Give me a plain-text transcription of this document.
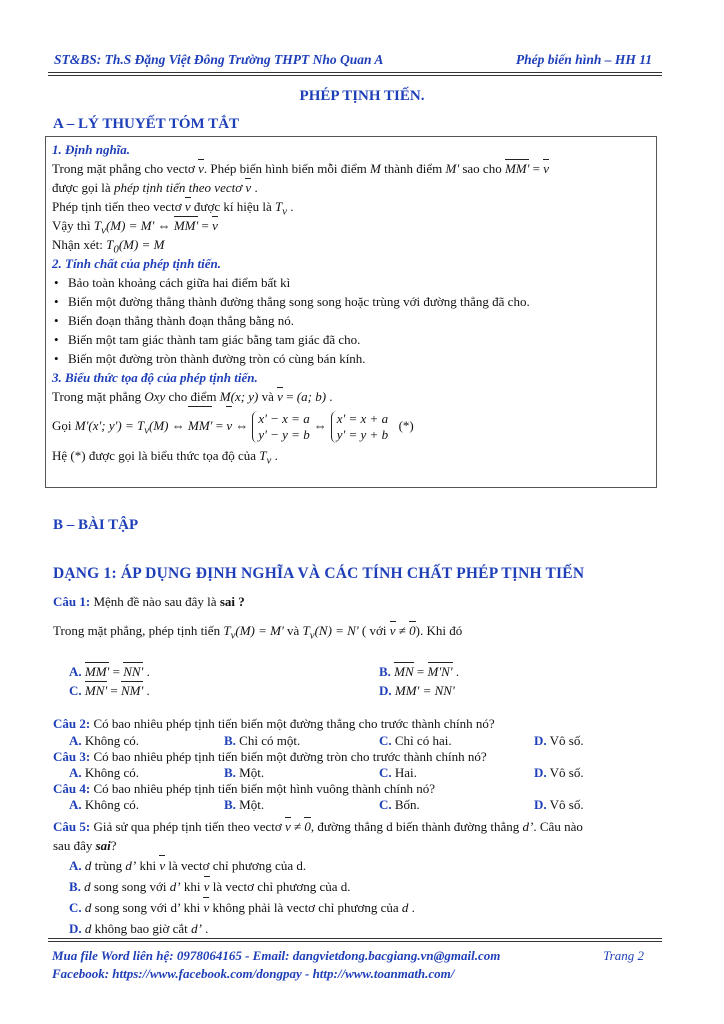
ST&BS: Th.S Đặng Việt Đông Trường THPT Nho Quan A	Phép biến hình – HH 11
PHÉP TỊNH TIẾN.
A – LÝ THUYẾT TÓM TẮT
1. Định nghĩa.
Trong mặt phẳng cho vectơ v. Phép biến hình biến mỗi điểm M thành điểm M' sao cho MM' = v
được gọi là phép tịnh tiến theo vectơ v .
Phép tịnh tiến theo vectơ v được kí hiệu là $T_v$ .
Vậy thì $T_v(M) = M'$ ⇔ MM' = v
Nhận xét: $T_0(M) = M$
2. Tính chất của phép tịnh tiến.
• Bảo toàn khoảng cách giữa hai điểm bất kì
• Biến một đường thẳng thành đường thẳng song song hoặc trùng với đường thẳng đã cho.
• Biến đoạn thẳng thành đoạn thẳng bằng nó.
• Biến một tam giác thành tam giác bằng tam giác đã cho.
• Biến một đường tròn thành đường tròn có cùng bán kính.
3. Biểu thức tọa độ của phép tịnh tiến.
Trong mặt phẳng Oxy cho điểm M(x; y) và v = (a; b) .
Gọi M'(x'; $y') = T_v(M)$ ⇔ MM' = v ⇔ x' − x = a
y' − y = b⇔ x' = x + a
y' = y + b  (*)
Hệ (*) được gọi là biểu thức tọa độ của $T_v$ .
B – BÀI TẬP
DẠNG 1: ÁP DỤNG ĐỊNH NGHĨA VÀ CÁC TÍNH CHẤT PHÉP TỊNH TIẾN
Câu 1: Mệnh đề nào sau đây là sai ?
Trong mặt phẳng, phép tịnh tiến $T_v(M) = M'$ và $T_v(N) = N'$ ( với v ≠ 0). Khi đó
A. MM' = NN' .	B. MN = M'N' .
C. MN' = NM' .	D. MM' = NN'
Câu 2: Có bao nhiêu phép tịnh tiến biến một đường thẳng cho trước thành chính nó?
A. Không có.	B. Chỉ có một.	C. Chỉ có hai.	D. Vô số.
Câu 3: Có bao nhiêu phép tịnh tiến biến một đường tròn cho trước thành chính nó?
A. Không có.	B. Một.	C. Hai.	D. Vô số.
Câu 4: Có bao nhiêu phép tịnh tiến biến một hình vuông thành chính nó?
A. Không có.	B. Một.	C. Bốn.	D. Vô số.
Câu 5: Giả sử qua phép tịnh tiến theo vectơ v ≠ 0, đường thẳng d biến thành đường thẳng d’. Câu nào
sau đây sai?
A. d trùng d’ khi v là vectơ chỉ phương của d.
B. d song song với d’ khi v là vectơ chỉ phương của d.
C. d song song với d’ khi v không phải là vectơ chỉ phương của d .
D. d không bao giờ cắt d’ .
Mua file Word liên hệ: 0978064165 - Email: dangvietdong.bacgiang.vn@gmail.com	Trang 2
Facebook: https://www.facebook.com/dongpay - http://www.toanmath.com/
